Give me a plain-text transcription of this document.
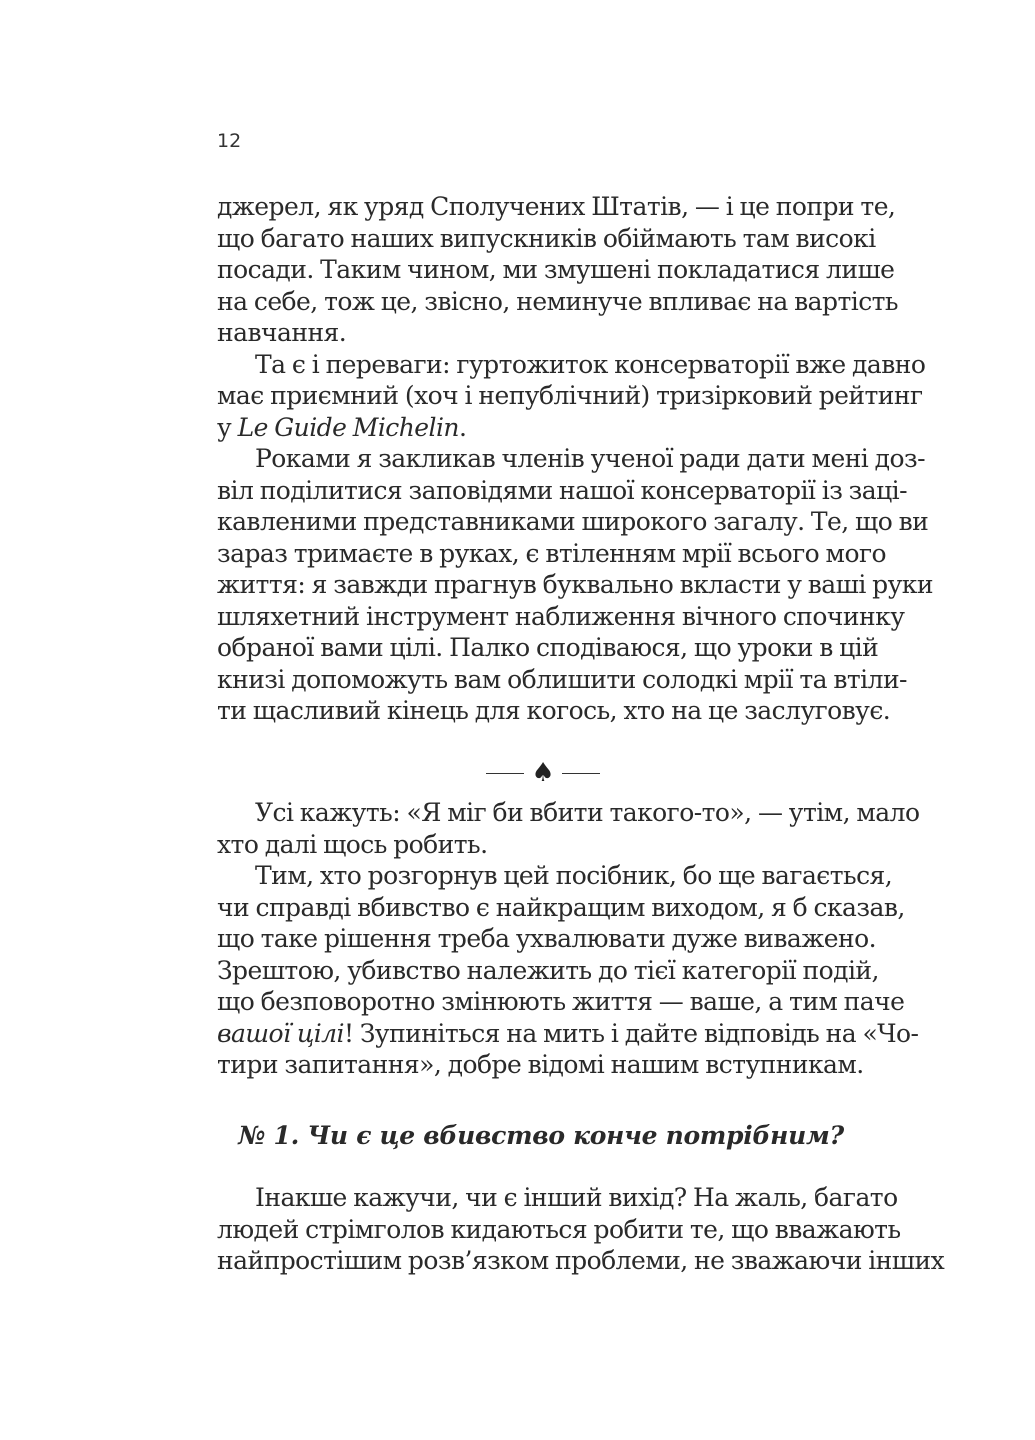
12
джерел, як уряд Сполучених Штатів, — і це попри те,
що багато наших випускників обіймають там високі
посади. Таким чином, ми змушені покладатися лише
на себе, тож це, звісно, неминуче впливає на вартість
навчання.
Та є і переваги: гуртожиток консерваторії вже давно
має приємний (хоч і непублічний) тризірковий рейтинг
у Le Guide Michelin.
Роками я закликав членів ученої ради дати мені доз-
віл поділитися заповідями нашої консерваторії із заці-
кавленими представниками широкого загалу. Те, що ви
зараз тримаєте в руках, є втіленням мрії всього мого
життя: я завжди прагнув буквально вкласти у ваші руки
шляхетний інструмент наближення вічного спочинку
обраної вами цілі. Палко сподіваюся, що уроки в цій
книзі допоможуть вам облишити солодкі мрії та втіли-
ти щасливий кінець для когось, хто на це заслуговує.
♠
Усі кажуть: «Я міг би вбити такого-то», — утім, мало
хто далі щось робить.
Тим, хто розгорнув цей посібник, бо ще вагається,
чи справді вбивство є найкращим виходом, я б сказав,
що таке рішення треба ухвалювати дуже виважено.
Зрештою, убивство належить до тієї категорії подій,
що безповоротно змінюють життя — ваше, а тим паче
вашої цілі! Зупиніться на мить і дайте відповідь на «Чо-
тири запитання», добре відомі нашим вступникам.
№ 1. Чи є це вбивство конче потрібним?
Інакше кажучи, чи є інший вихід? На жаль, багато
людей стрімголов кидаються робити те, що вважають
найпростішим розв’язком проблеми, не зважаючи інших
